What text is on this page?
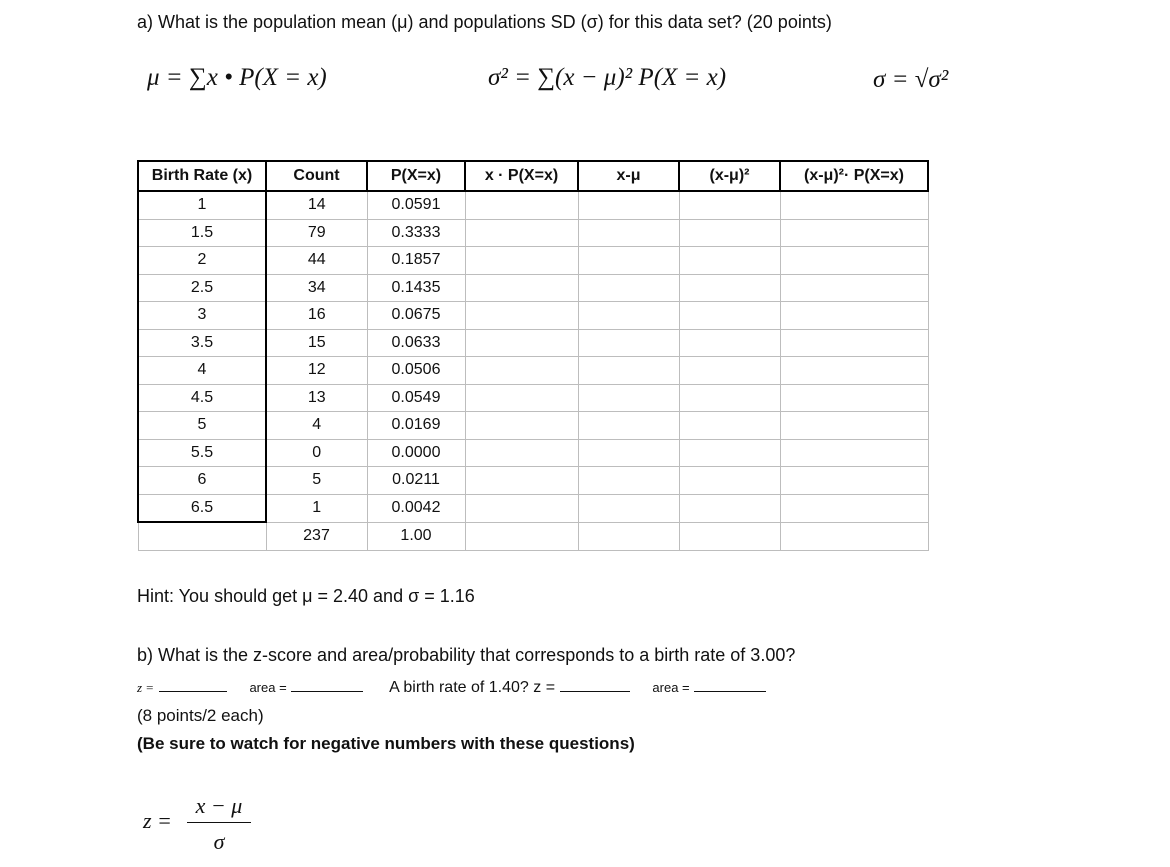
a) What is the population mean (μ) and populations SD (σ) for this data set? (20 points)
μ = ∑x • P(X = x)	σ² = ∑(x − μ)² P(X = x)	σ = √σ²
Birth Rate (x)	Count	P(X=x)	x · P(X=x)	x-μ	(x-μ)²	(x-μ)²· P(X=x)
1	14	0.0591				
1.5	79	0.3333				
2	44	0.1857				
2.5	34	0.1435				
3	16	0.0675				
3.5	15	0.0633				
4	12	0.0506				
4.5	13	0.0549				
5	4	0.0169				
5.5	0	0.0000				
6	5	0.0211				
6.5	1	0.0042				
	237	1.00				
Hint: You should get μ = 2.40 and σ = 1.16
b) What is the z-score and area/probability that corresponds to a birth rate of 3.00?
z =	area =	A birth rate of 1.40? z =	area =
(8 points/2 each)
(Be sure to watch for negative numbers with these questions)
z =
x − μ
σ
